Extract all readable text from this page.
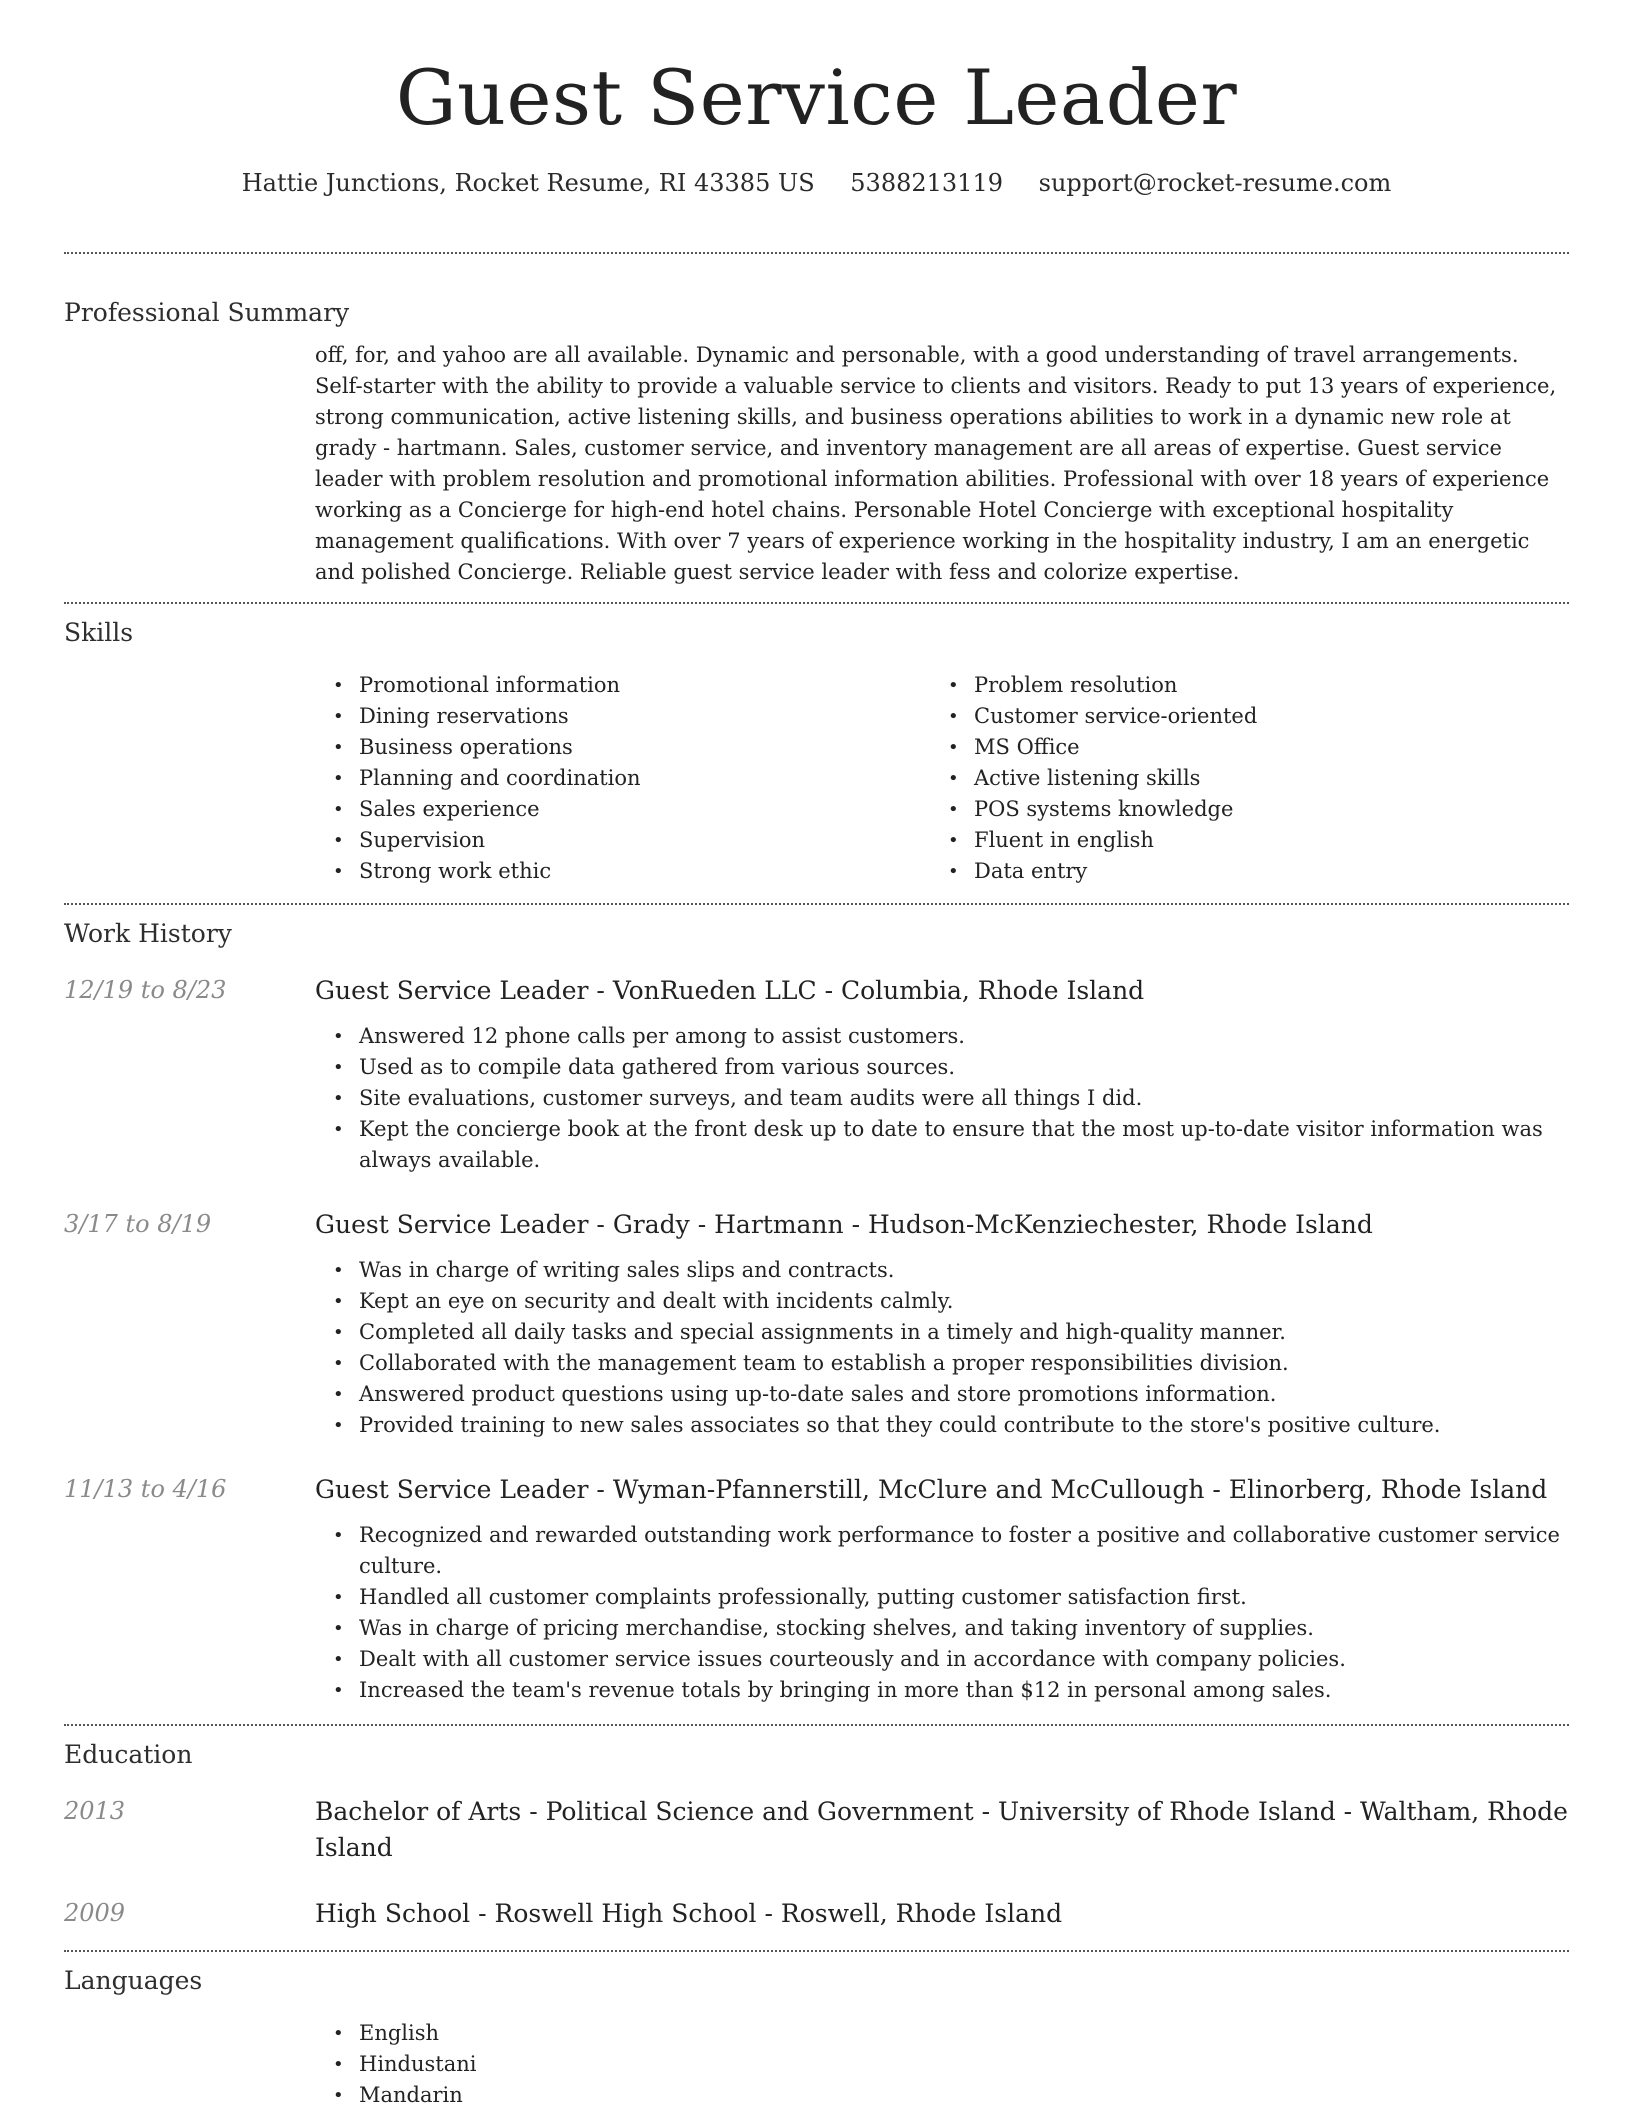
Guest Service Leader
Hattie Junctions, Rocket Resume, RI 43385 US 5388213119 support@rocket-resume.com
Professional Summary

off, for, and yahoo are all available. Dynamic and personable, with a good understanding of travel arrangements. Self-starter with the ability to provide a valuable service to clients and visitors. Ready to put 13 years of experience, strong communication, active listening skills, and business operations abilities to work in a dynamic new role at grady - hartmann. Sales, customer service, and inventory management are all areas of expertise. Guest service leader with problem resolution and promotional information abilities. Professional with over 18 years of experience working as a Concierge for high-end hotel chains. Personable Hotel Concierge with exceptional hospitality management qualifications. With over 7 years of experience working in the hospitality industry, I am an energetic and polished Concierge. Reliable guest service leader with fess and colorize expertise.

Skills
• Promotional information
• Dining reservations
• Business operations
• Planning and coordination
• Sales experience
• Supervision
• Strong work ethic
• Problem resolution
• Customer service-oriented
• MS Office
• Active listening skills
• POS systems knowledge
• Fluent in english
• Data entry
Work History
12/19 to 8/23	Guest Service Leader - VonRueden LLC - Columbia, Rhode Island
• Answered 12 phone calls per among to assist customers.
• Used as to compile data gathered from various sources.
• Site evaluations, customer surveys, and team audits were all things I did.
• Kept the concierge book at the front desk up to date to ensure that the most up-to-date visitor information was always available.
3/17 to 8/19	Guest Service Leader - Grady - Hartmann - Hudson-McKenziechester, Rhode Island
• Was in charge of writing sales slips and contracts.
• Kept an eye on security and dealt with incidents calmly.
• Completed all daily tasks and special assignments in a timely and high-quality manner.
• Collaborated with the management team to establish a proper responsibilities division.
• Answered product questions using up-to-date sales and store promotions information.
• Provided training to new sales associates so that they could contribute to the store's positive culture.
11/13 to 4/16	Guest Service Leader - Wyman-Pfannerstill, McClure and McCullough - Elinorberg, Rhode Island
• Recognized and rewarded outstanding work performance to foster a positive and collaborative customer service culture.
• Handled all customer complaints professionally, putting customer satisfaction first.
• Was in charge of pricing merchandise, stocking shelves, and taking inventory of supplies.
• Dealt with all customer service issues courteously and in accordance with company policies.
• Increased the team's revenue totals by bringing in more than $12 in personal among sales.
Education
2013	Bachelor of Arts - Political Science and Government - University of Rhode Island - Waltham, Rhode Island
2009	High School - Roswell High School - Roswell, Rhode Island
Languages
• English
• Hindustani
• Mandarin
